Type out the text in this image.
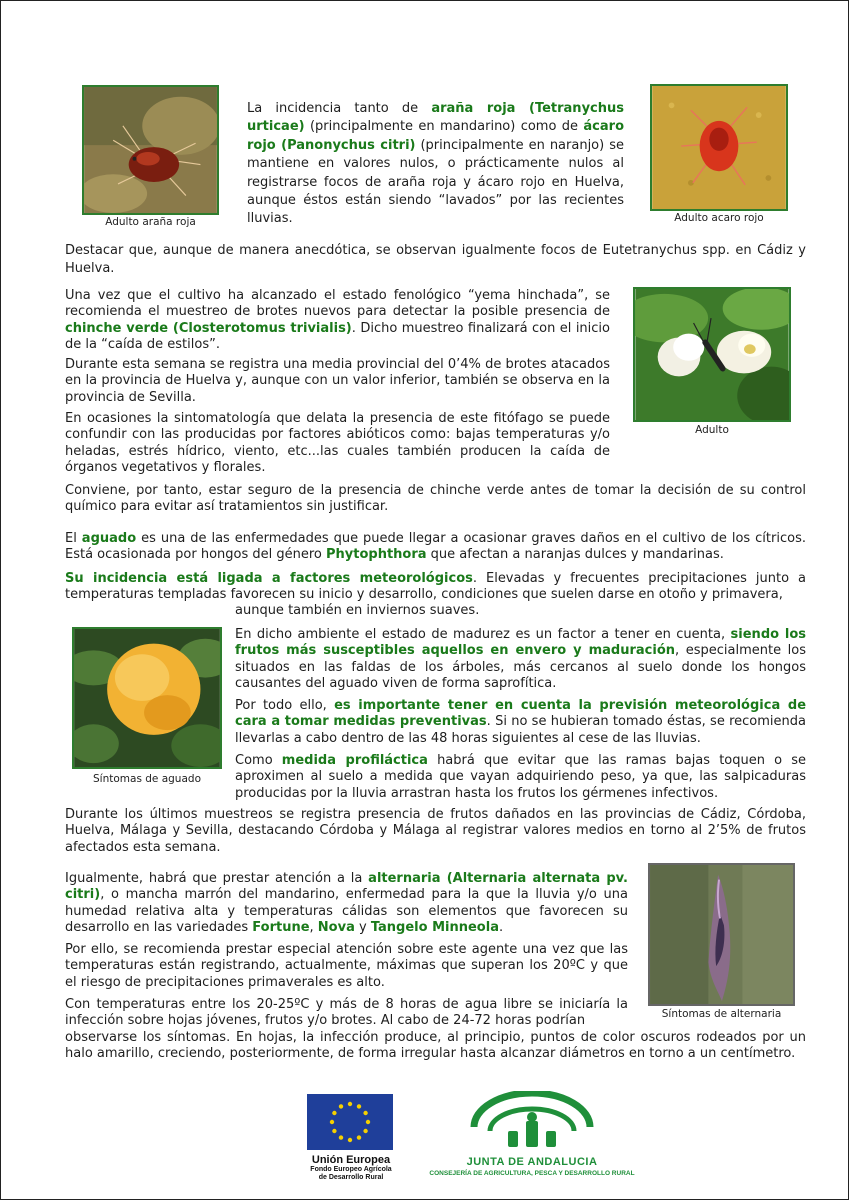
Adulto araña roja	Adulto acaro rojo

La incidencia tanto de araña roja (Tetranychus urticae) (principalmente en mandarino) como de ácaro rojo (Panonychus citri) (principalmente en naranjo) se mantiene en valores nulos, o prácticamente nulos al registrarse focos de araña roja y ácaro rojo en Huelva, aunque éstos están siendo “lavados” por las recientes lluvias.

Destacar que, aunque de manera anecdótica, se observan igualmente focos de Eutetranychus spp. en Cádiz y Huelva.

Adulto

Una vez que el cultivo ha alcanzado el estado fenológico “yema hinchada”, se recomienda el muestreo de brotes nuevos para detectar la posible presencia de chinche verde (Closterotomus trivialis). Dicho muestreo finalizará con el inicio de la “caída de estilos”.

Durante esta semana se registra una media provincial del 0’4% de brotes atacados en la provincia de Huelva y, aunque con un valor inferior, también se observa en la provincia de Sevilla.

En ocasiones la sintomatología que delata la presencia de este fitófago se puede confundir con las producidas por factores abióticos como: bajas temperaturas y/o heladas, estrés hídrico, viento, etc...las cuales también producen la caída de órganos vegetativos y florales.

Conviene, por tanto, estar seguro de la presencia de chinche verde antes de tomar la decisión de su control químico para evitar así tratamientos sin justificar.

El aguado es una de las enfermedades que puede llegar a ocasionar graves daños en el cultivo de los cítricos. Está ocasionada por hongos del género Phytophthora que afectan a naranjas dulces y mandarinas.

Su incidencia está ligada a factores meteorológicos. Elevadas y frecuentes precipitaciones junto a temperaturas templadas favorecen su inicio y desarrollo, condiciones que suelen darse en otoño y primavera,

aunque también en inviernos suaves.

Síntomas de aguado

En dicho ambiente el estado de madurez es un factor a tener en cuenta, siendo los frutos más susceptibles aquellos en envero y maduración, especialmente los situados en las faldas de los árboles, más cercanos al suelo donde los hongos causantes del aguado viven de forma saprofítica.

Por todo ello, es importante tener en cuenta la previsión meteorológica de cara a tomar medidas preventivas. Si no se hubieran tomado éstas, se recomienda llevarlas a cabo dentro de las 48 horas siguientes al cese de las lluvias.

Como medida profiláctica habrá que evitar que las ramas bajas toquen o se aproximen al suelo a medida que vayan adquiriendo peso, ya que, las salpicaduras producidas por la lluvia arrastran hasta los frutos los gérmenes infectivos.

Durante los últimos muestreos se registra presencia de frutos dañados en las provincias de Cádiz, Córdoba, Huelva, Málaga y Sevilla, destacando Córdoba y Málaga al registrar valores medios en torno al 2’5% de frutos afectados esta semana.

Síntomas de alternaria

Igualmente, habrá que prestar atención a la alternaria (Alternaria alternata pv. citri), o mancha marrón del mandarino, enfermedad para la que la lluvia y/o una humedad relativa alta y temperaturas cálidas son elementos que favorecen su desarrollo en las variedades Fortune, Nova y Tangelo Minneola.

Por ello, se recomienda prestar especial atención sobre este agente una vez que las temperaturas están registrando, actualmente, máximas que superan los 20ºC y que el riesgo de precipitaciones primaverales es alto.

Con temperaturas entre los 20-25ºC y más de 8 horas de agua libre se iniciaría la infección sobre hojas jóvenes, frutos y/o brotes. Al cabo de 24-72 horas podrían

observarse los síntomas. En hojas, la infección produce, al principio, puntos de color oscuros rodeados por un halo amarillo, creciendo, posteriormente, de forma irregular hasta alcanzar diámetros en torno a un centímetro.

Unión Europea
Fondo Europeo Agrícola
de Desarrollo Rural
JUNTA DE ANDALUCIA
CONSEJERÍA DE AGRICULTURA, PESCA Y DESARROLLO RURAL
